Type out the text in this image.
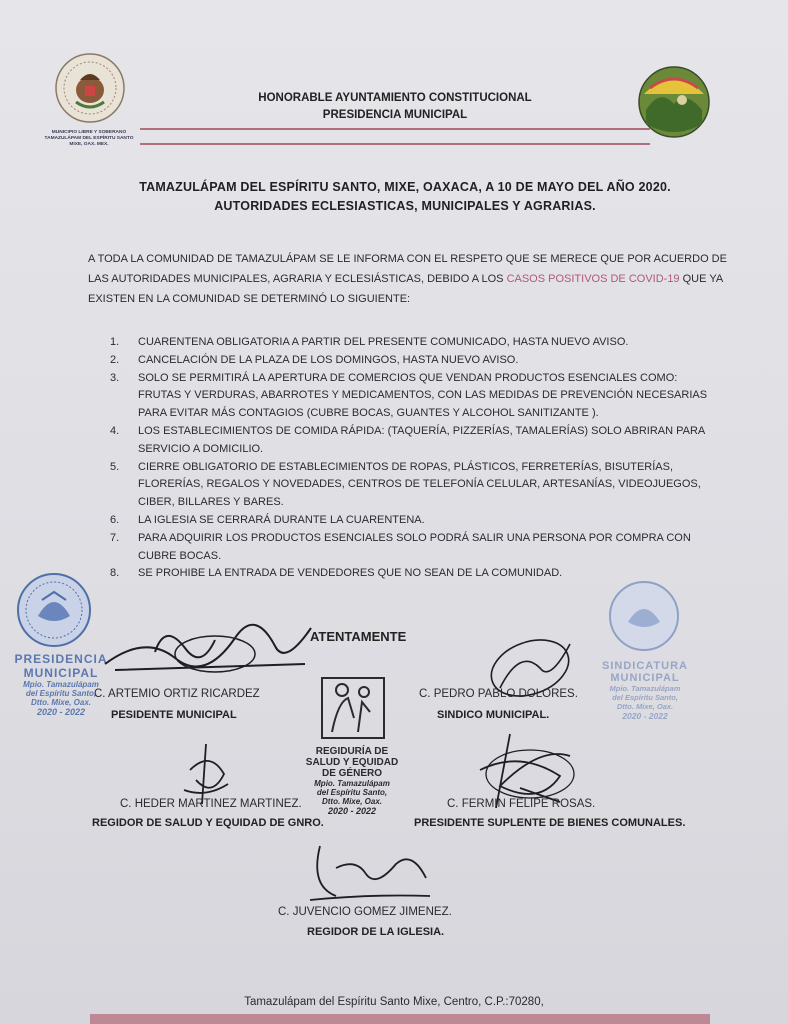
MUNICIPIO LIBRE Y SOBERANO
TAMAZULÁPAM DEL ESPÍRITU SANTO
MIXE, OAX. MEX.
HONORABLE AYUNTAMIENTO CONSTITUCIONAL
PRESIDENCIA MUNICIPAL
TAMAZULÁPAM DEL ESPÍRITU SANTO, MIXE, OAXACA, A 10 DE MAYO DEL AÑO 2020.
AUTORIDADES ECLESIASTICAS, MUNICIPALES Y AGRARIAS.
A TODA LA COMUNIDAD DE TAMAZULÁPAM SE LE INFORMA CON EL RESPETO QUE SE MERECE QUE POR ACUERDO DE LAS AUTORIDADES MUNICIPALES, AGRARIA Y ECLESIÁSTICAS, DEBIDO A LOS CASOS POSITIVOS DE COVID-19 QUE YA EXISTEN EN LA COMUNIDAD SE DETERMINÓ LO SIGUIENTE:
1. CUARENTENA OBLIGATORIA A PARTIR DEL PRESENTE COMUNICADO, HASTA NUEVO AVISO.
2. CANCELACIÓN DE LA PLAZA DE LOS DOMINGOS, HASTA NUEVO AVISO.
3. SOLO SE PERMITIRÁ LA APERTURA DE COMERCIOS QUE VENDAN PRODUCTOS ESENCIALES COMO: FRUTAS Y VERDURAS, ABARROTES Y MEDICAMENTOS, CON LAS MEDIDAS DE PREVENCIÓN NECESARIAS PARA EVITAR MÁS CONTAGIOS (CUBRE BOCAS, GUANTES Y ALCOHOL SANITIZANTE ).
4. LOS ESTABLECIMIENTOS DE COMIDA RÁPIDA: (TAQUERÍA, PIZZERÍAS, TAMALERÍAS) SOLO ABRIRAN PARA SERVICIO A DOMICILIO.
5. CIERRE OBLIGATORIO DE ESTABLECIMIENTOS DE ROPAS, PLÁSTICOS, FERRETERÍAS, BISUTERÍAS, FLORERÍAS, REGALOS Y NOVEDADES, CENTROS DE TELEFONÍA CELULAR, ARTESANÍAS, VIDEOJUEGOS, CIBER, BILLARES Y BARES.
6. LA IGLESIA SE CERRARÁ DURANTE LA CUARENTENA.
7. PARA ADQUIRIR LOS PRODUCTOS ESENCIALES SOLO PODRÁ SALIR UNA PERSONA POR COMPRA CON CUBRE BOCAS.
8. SE PROHIBE LA ENTRADA DE VENDEDORES QUE NO SEAN DE LA COMUNIDAD.
ATENTAMENTE
PRESIDENCIA
MUNICIPAL
Mpio. Tamazulápam
del Espíritu Santo,
Dtto. Mixe, Oax.
2020 - 2022
SINDICATURA
MUNICIPAL
Mpio. Tamazulápam
del Espíritu Santo,
Dtto. Mixe, Oax.
2020 - 2022
REGIDURÍA DE
SALUD Y EQUIDAD
DE GÉNERO
Mpio. Tamazulápam
del Espíritu Santo,
Dtto. Mixe, Oax.
2020 - 2022
C. ARTEMIO ORTIZ RICARDEZ
PESIDENTE MUNICIPAL
C. PEDRO PABLO DOLORES.
SINDICO MUNICIPAL.
C. HEDER MARTINEZ MARTINEZ.
REGIDOR DE SALUD Y EQUIDAD DE GNRO.
C. FERMIN FELIPE ROSAS.
PRESIDENTE SUPLENTE DE BIENES COMUNALES.
C. JUVENCIO GOMEZ JIMENEZ.
REGIDOR DE LA IGLESIA.
Tamazulápam del Espíritu Santo Mixe, Centro, C.P.:70280,
